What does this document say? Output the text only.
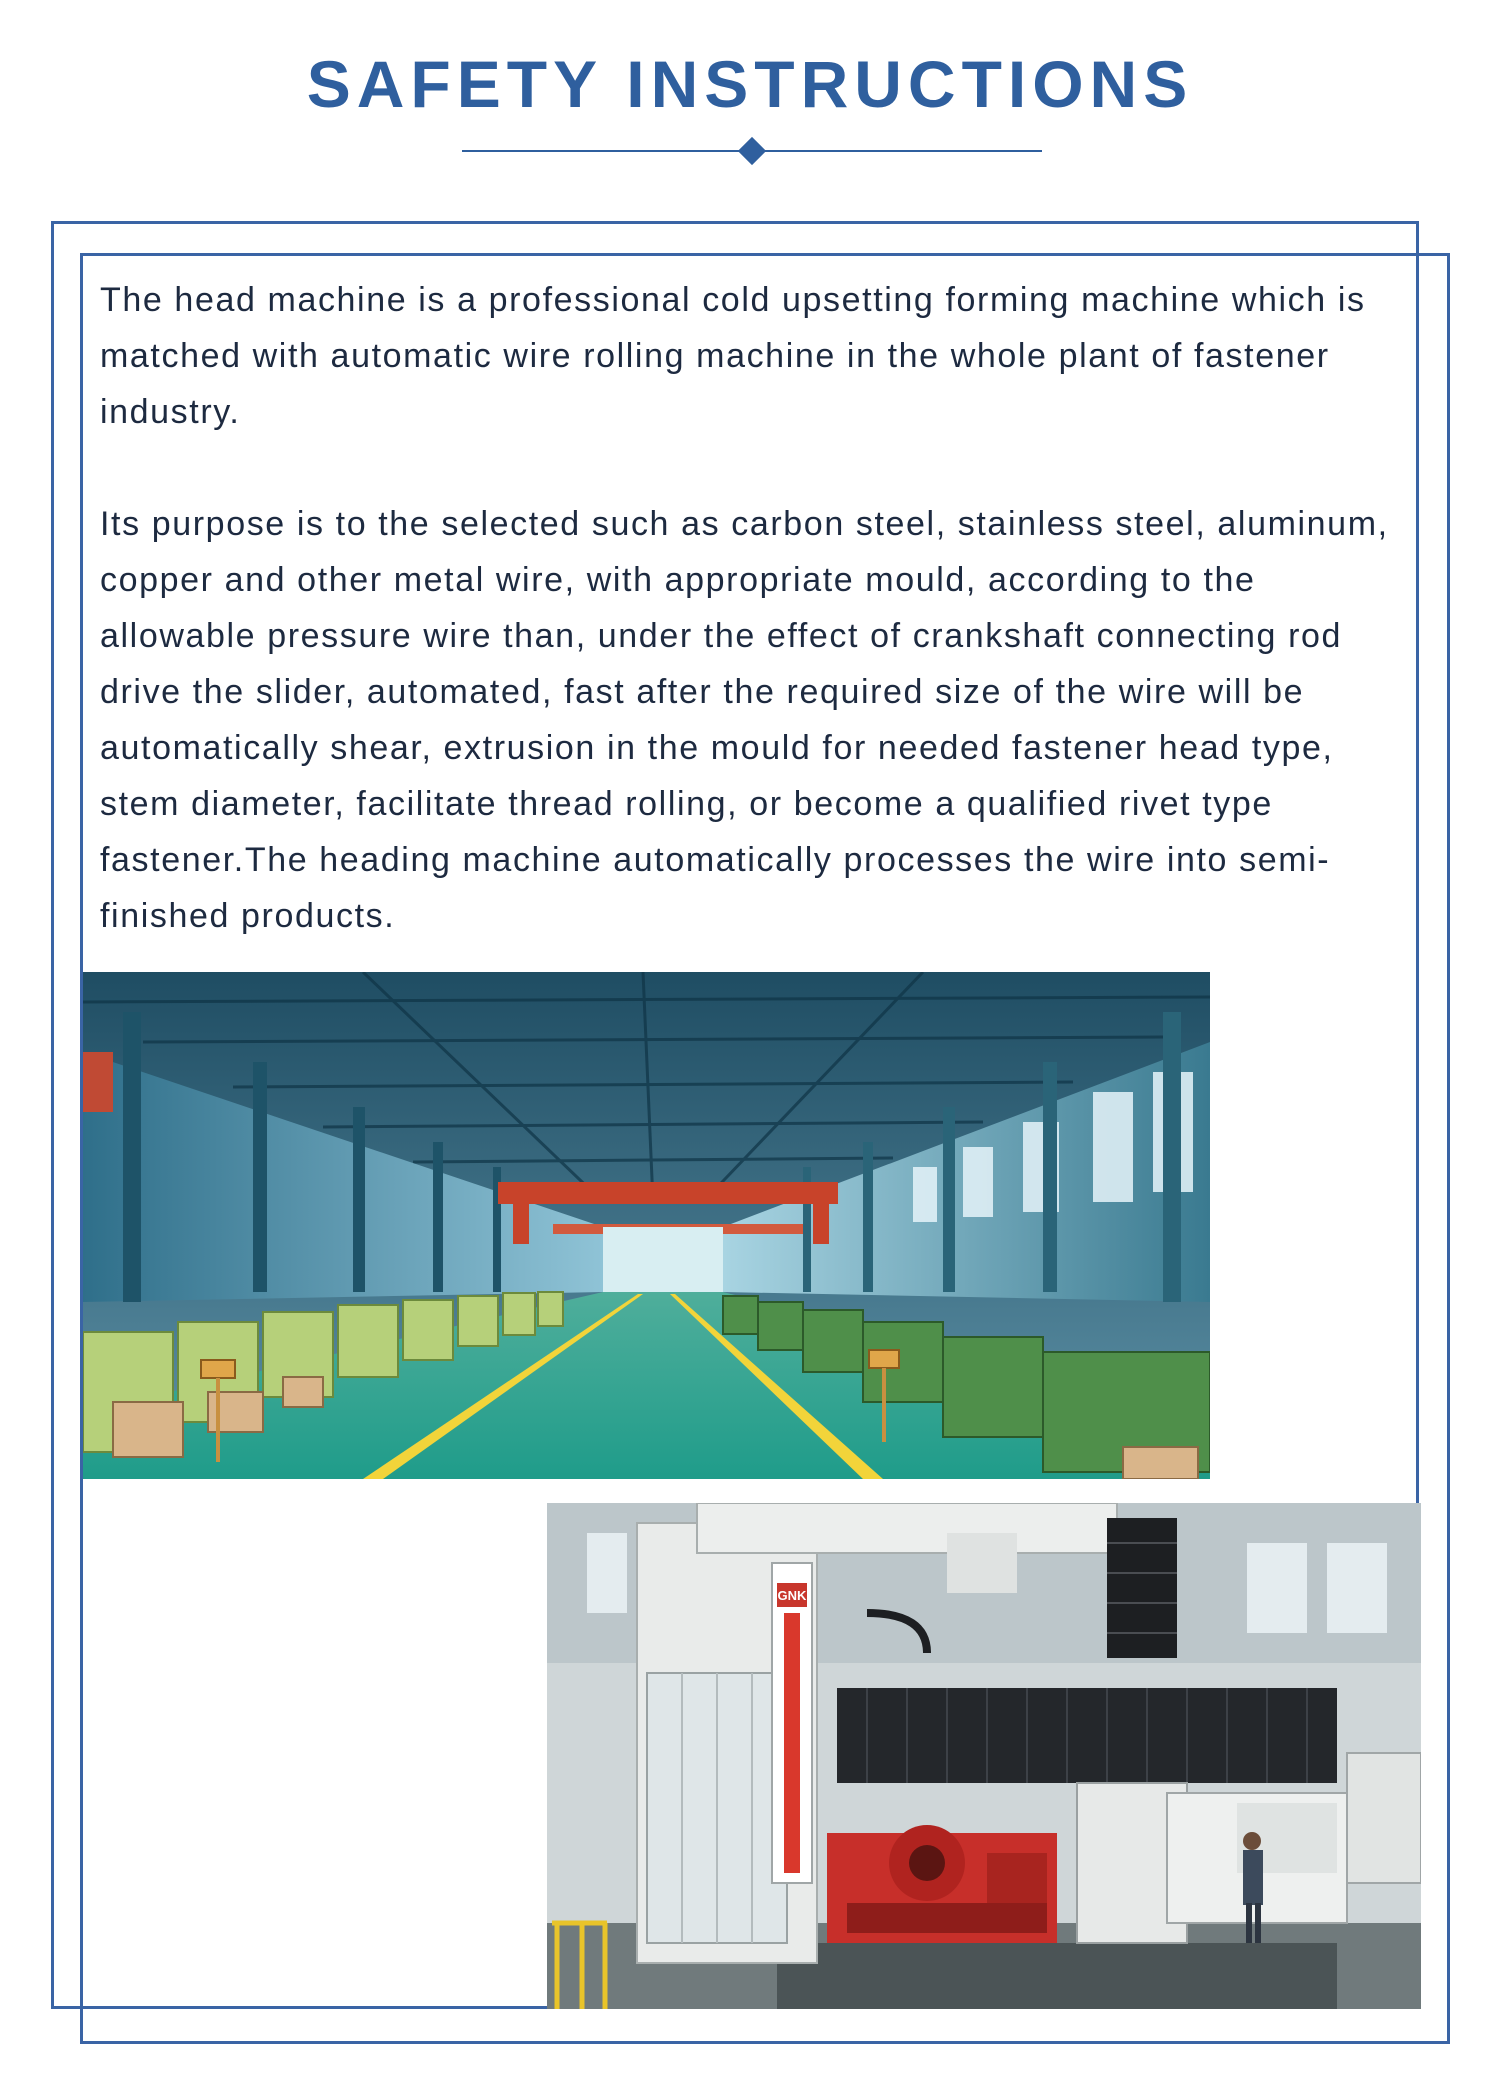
SAFETY INSTRUCTIONS

The head machine is a professional cold upsetting forming machine which is matched with automatic wire rolling machine in the whole plant of fastener industry.

Its purpose is to the selected such as carbon steel, stainless steel, aluminum, copper and other metal wire, with appropriate mould, according to the allowable pressure wire than, under the effect of crankshaft connecting rod drive the slider, automated, fast after the required size of the wire will be automatically shear, extrusion in the mould for needed fastener head type, stem diameter, facilitate thread rolling, or become a qualified rivet type fastener.The heading machine automatically processes the wire into semi-finished products.

GNK
